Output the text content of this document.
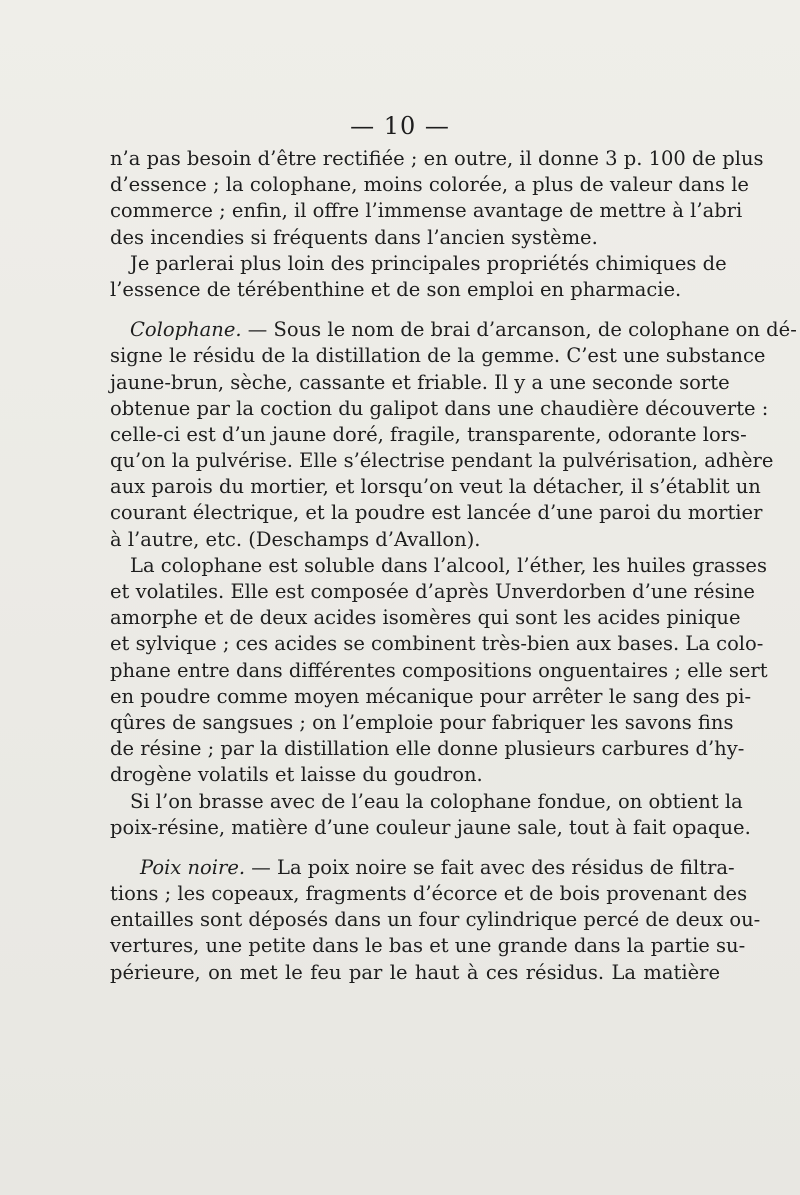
— 10 —
n’a pas besoin d’être rectifiée ; en outre, il donne 3 p. 100 de plus
d’essence ; la colophane, moins colorée, a plus de valeur dans le
commerce ; enfin, il offre l’immense avantage de mettre à l’abri
des incendies si fréquents dans l’ancien système.
Je parlerai plus loin des principales propriétés chimiques de
l’essence de térébenthine et de son emploi en pharmacie.
Colophane. — Sous le nom de brai d’arcanson, de colophane on dé-
signe le résidu de la distillation de la gemme. C’est une substance
jaune-brun, sèche, cassante et friable. Il y a une seconde sorte
obtenue par la coction du galipot dans une chaudière découverte :
celle-ci est d’un jaune doré, fragile, transparente, odorante lors-
qu’on la pulvérise. Elle s’électrise pendant la pulvérisation, adhère
aux parois du mortier, et lorsqu’on veut la détacher, il s’établit un
courant électrique, et la poudre est lancée d’une paroi du mortier
à l’autre, etc. (Deschamps d’Avallon).
La colophane est soluble dans l’alcool, l’éther, les huiles grasses
et volatiles. Elle est composée d’après Unverdorben d’une résine
amorphe et de deux acides isomères qui sont les acides pinique
et sylvique ; ces acides se combinent très-bien aux bases. La colo-
phane entre dans différentes compositions onguentaires ; elle sert
en poudre comme moyen mécanique pour arrêter le sang des pi-
qûres de sangsues ; on l’emploie pour fabriquer les savons fins
de résine ; par la distillation elle donne plusieurs carbures d’hy-
drogène volatils et laisse du goudron.
Si l’on brasse avec de l’eau la colophane fondue, on obtient la
poix-résine, matière d’une couleur jaune sale, tout à fait opaque.
Poix noire. — La poix noire se fait avec des résidus de filtra-
tions ; les copeaux, fragments d’écorce et de bois provenant des
entailles sont déposés dans un four cylindrique percé de deux ou-
vertures, une petite dans le bas et une grande dans la partie su-
périeure, on met le feu par le haut à ces résidus. La matière
